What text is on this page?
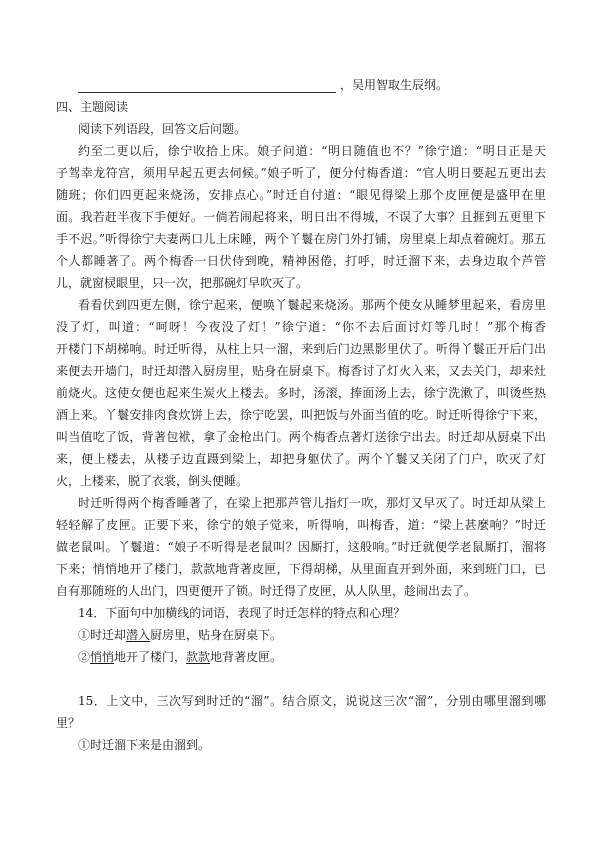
，吴用智取生辰纲。
四、主题阅读
阅读下列语段，回答文后问题。
约至二更以后，徐宁收拾上床。娘子问道：“明日随值也不？”徐宁道：“明日正是天
子驾幸龙符宫，须用早起五更去伺候。”娘子听了，便分付梅香道：“官人明日要起五更出去
随班；你们四更起来烧汤，安排点心。”时迁自付道：“眼见得梁上那个皮匣便是盛甲在里
面。我若赶半夜下手便好。一倘若闹起将来，明日出不得城，不误了大事？且捱到五更里下
手不迟。”听得徐宁夫妻两口儿上床睡，两个丫鬟在房门外打铺，房里桌上却点着碗灯。那五
个人都睡著了。两个梅香一日伏侍到晚，精神困倦，打呼，时迁溜下来，去身边取个芦管
儿，就窗棂眼里，只一次，把那碗灯早吹灭了。
看看伏到四更左侧，徐宁起来，便唤丫鬟起来烧汤。那两个使女从睡梦里起来，看房里
没了灯，叫道：“呵呀！今夜没了灯！”徐宁道：“你不去后面讨灯等几时！”那个梅香
开楼门下胡梯响。时迁听得，从柱上只一溜，来到后门边黑影里伏了。听得丫鬟正开后门出
来便去开墙门，时迁却潜入厨房里，贴身在厨桌下。梅香讨了灯火入来，又去关门，却来灶
前烧火。这使女便也起来生炭火上楼去。多时，汤滚，捧面汤上去，徐宁洗漱了，叫烫些热
酒上来。丫鬟安排肉食炊饼上去，徐宁吃罢，叫把饭与外面当值的吃。时迁听得徐宁下来，
叫当值吃了饭，背著包袱，拿了金枪出门。两个梅香点著灯送徐宁出去。时迁却从厨桌下出
来，便上楼去，从楼子边直蹑到梁上，却把身躯伏了。两个丫鬟又关闭了门户，吹灭了灯
火，上楼来，脱了衣裳，倒头便睡。
时迁听得两个梅香睡著了，在梁上把那芦管儿指灯一吹，那灯又早灭了。时迁却从梁上
轻轻解了皮匣。正要下来，徐宁的娘子觉来，听得响，叫梅香，道：“梁上甚麼响？”时迁
做老鼠叫。丫鬟道：“娘子不听得是老鼠叫？因厮打，这般响。”时迁就便学老鼠厮打，溜将
下来；悄悄地开了楼门，款款地背著皮匣，下得胡梯，从里面直开到外面，来到班门口，已
自有那随班的人出门，四更便开了锁。时迁得了皮匣，从人队里，趁闹出去了。
14．下面句中加横线的词语，表现了时迁怎样的特点和心理？
①时迁却潜入厨房里，贴身在厨桌下。
②悄悄地开了楼门，款款地背著皮匣。
15．上文中，三次写到时迁的“溜”。结合原文，说说这三次“溜”，分别由哪里溜到哪
里？
①时迁溜下来是由溜到。
